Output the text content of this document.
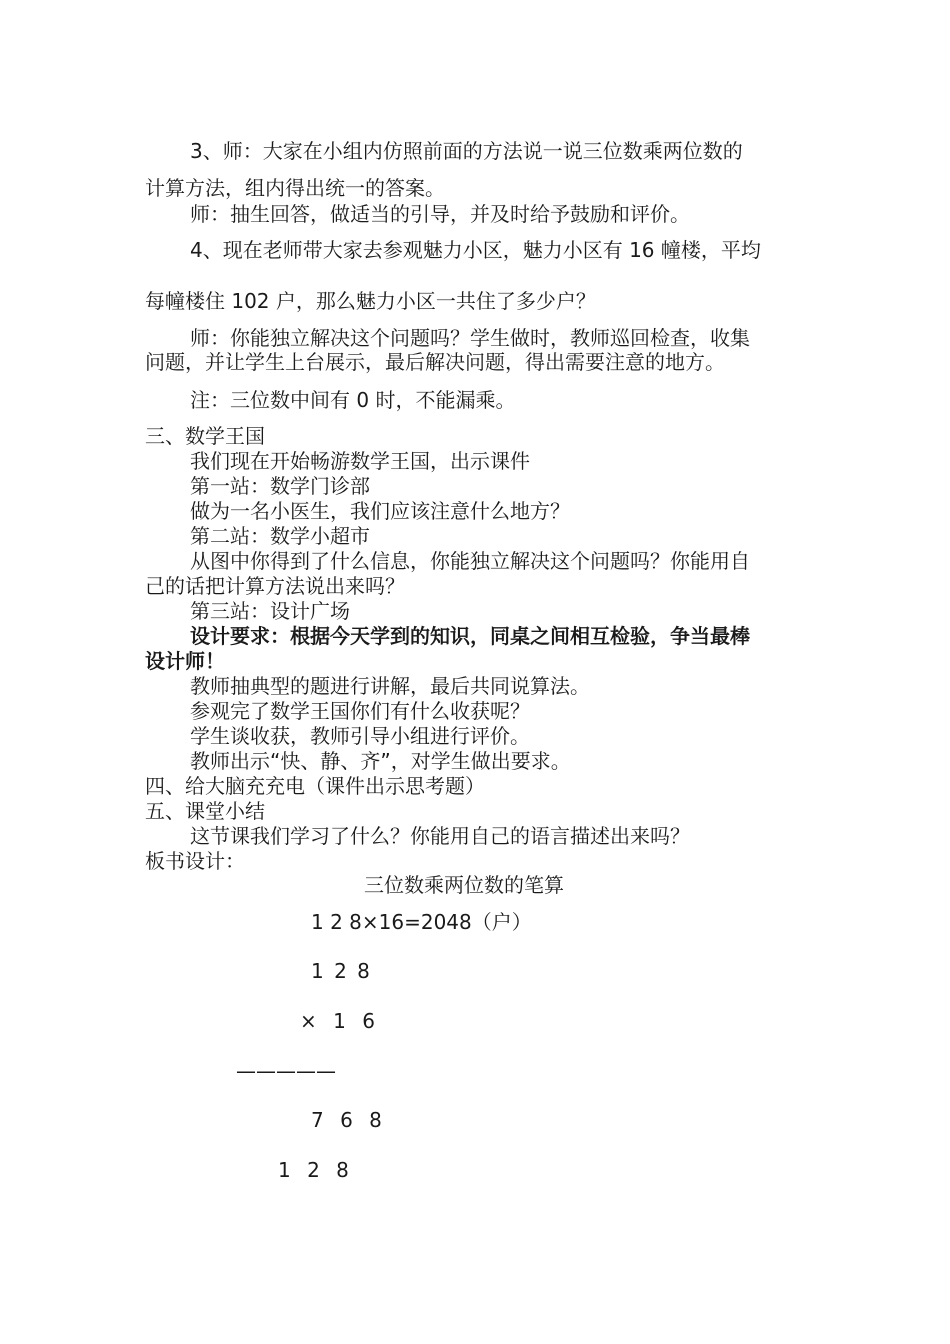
3、师：大家在小组内仿照前面的方法说一说三位数乘两位数的
计算方法，组内得出统一的答案。
师：抽生回答，做适当的引导，并及时给予鼓励和评价。
4、现在老师带大家去参观魅力小区，魅力小区有 16 幢楼，平均
每幢楼住 102 户，那么魅力小区一共住了多少户？
师：你能独立解决这个问题吗？学生做时，教师巡回检查，收集
问题，并让学生上台展示，最后解决问题，得出需要注意的地方。
注：三位数中间有 0 时，不能漏乘。
三、数学王国
我们现在开始畅游数学王国，出示课件
第一站：数学门诊部
做为一名小医生，我们应该注意什么地方？
第二站：数学小超市
从图中你得到了什么信息，你能独立解决这个问题吗？你能用自
己的话把计算方法说出来吗？
第三站：设计广场
设计要求：根据今天学到的知识，同桌之间相互检验，争当最棒
设计师！
教师抽典型的题进行讲解，最后共同说算法。
参观完了数学王国你们有什么收获呢？
学生谈收获，教师引导小组进行评价。
教师出示“快、静、齐”，对学生做出要求。
四、给大脑充充电（课件出示思考题）
五、课堂小结
这节课我们学习了什么？你能用自己的语言描述出来吗？
板书设计：
三位数乘两位数的笔算
1 2 8×16=2048（户）
1 2 8
× 1 6
—————
7 6 8
1 2 8
